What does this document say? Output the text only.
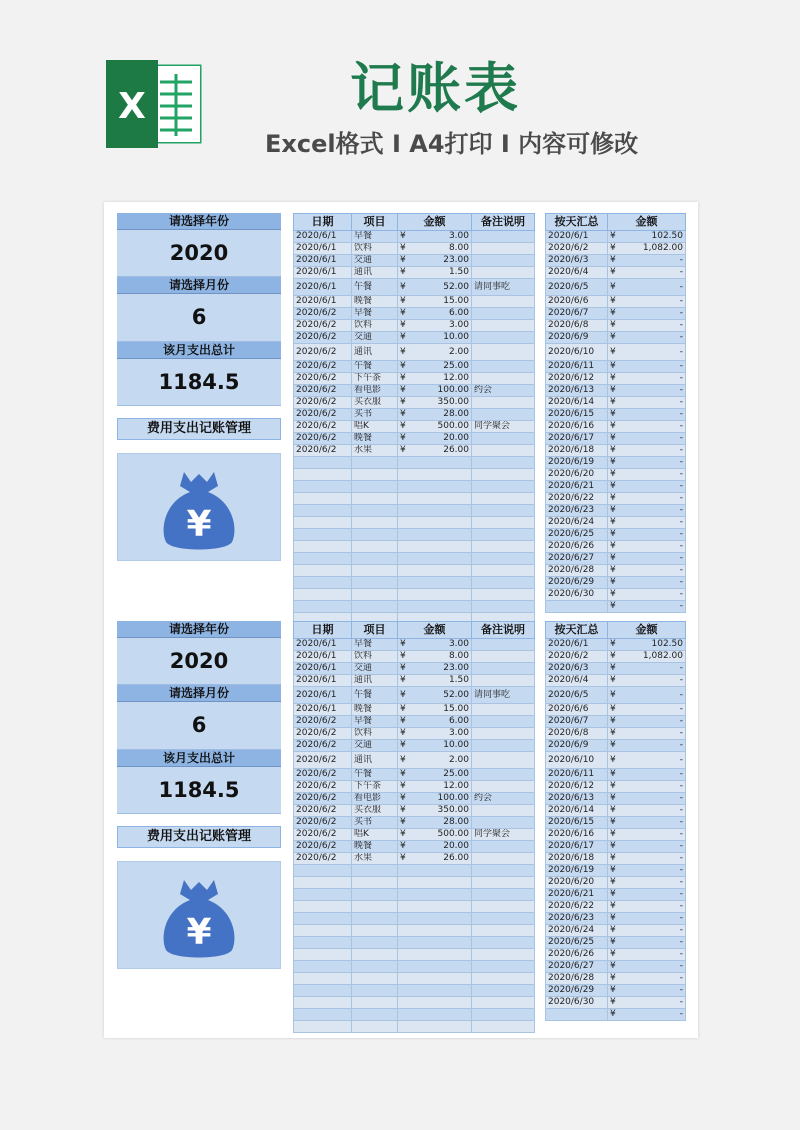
X	记账表
Excel格式 Ⅰ A4打印 Ⅰ 内容可修改
请选择年份
2020
请选择月份
6
该月支出总计
1184.5
费用支出记账管理
¥
日期	项目	金额	备注说明
2020/6/1	早餐	¥ 3.00	
2020/6/1	饮料	¥ 8.00	
2020/6/1	交通	¥ 23.00	
2020/6/1	通讯	¥ 1.50	
2020/6/1	午餐	¥ 52.00	请同事吃
2020/6/1	晚餐	¥ 15.00	
2020/6/2	早餐	¥ 6.00	
2020/6/2	饮料	¥ 3.00	
2020/6/2	交通	¥ 10.00	
2020/6/2	通讯	¥ 2.00	
2020/6/2	午餐	¥ 25.00	
2020/6/2	下午茶	¥ 12.00	
2020/6/2	看电影	¥ 100.00	约会
2020/6/2	买衣服	¥ 350.00	
2020/6/2	买书	¥ 28.00	
2020/6/2	唱K	¥ 500.00	同学聚会
2020/6/2	晚餐	¥ 20.00	
2020/6/2	水果	¥ 26.00	

按天汇总	金额
2020/6/1	¥ 102.50
2020/6/2	¥ 1,082.00
2020/6/3	¥ -
2020/6/4	¥ -
2020/6/5	¥ -
2020/6/6	¥ -
2020/6/7	¥ -
2020/6/8	¥ -
2020/6/9	¥ -
2020/6/10	¥ -
2020/6/11	¥ -
2020/6/12	¥ -
2020/6/13	¥ -
2020/6/14	¥ -
2020/6/15	¥ -
2020/6/16	¥ -
2020/6/17	¥ -
2020/6/18	¥ -
2020/6/19	¥ -
2020/6/20	¥ -
2020/6/21	¥ -
2020/6/22	¥ -
2020/6/23	¥ -
2020/6/24	¥ -
2020/6/25	¥ -
2020/6/26	¥ -
2020/6/27	¥ -
2020/6/28	¥ -
2020/6/29	¥ -
2020/6/30	¥ -

	¥ -
请选择年份
2020
请选择月份
6
该月支出总计
1184.5
费用支出记账管理
¥
日期	项目	金额	备注说明
2020/6/1	早餐	¥ 3.00	
2020/6/1	饮料	¥ 8.00	
2020/6/1	交通	¥ 23.00	
2020/6/1	通讯	¥ 1.50	
2020/6/1	午餐	¥ 52.00	请同事吃
2020/6/1	晚餐	¥ 15.00	
2020/6/2	早餐	¥ 6.00	
2020/6/2	饮料	¥ 3.00	
2020/6/2	交通	¥ 10.00	
2020/6/2	通讯	¥ 2.00	
2020/6/2	午餐	¥ 25.00	
2020/6/2	下午茶	¥ 12.00	
2020/6/2	看电影	¥ 100.00	约会
2020/6/2	买衣服	¥ 350.00	
2020/6/2	买书	¥ 28.00	
2020/6/2	唱K	¥ 500.00	同学聚会
2020/6/2	晚餐	¥ 20.00	
2020/6/2	水果	¥ 26.00	

按天汇总	金额
2020/6/1	¥ 102.50
2020/6/2	¥ 1,082.00
2020/6/3	¥ -
2020/6/4	¥ -
2020/6/5	¥ -
2020/6/6	¥ -
2020/6/7	¥ -
2020/6/8	¥ -
2020/6/9	¥ -
2020/6/10	¥ -
2020/6/11	¥ -
2020/6/12	¥ -
2020/6/13	¥ -
2020/6/14	¥ -
2020/6/15	¥ -
2020/6/16	¥ -
2020/6/17	¥ -
2020/6/18	¥ -
2020/6/19	¥ -
2020/6/20	¥ -
2020/6/21	¥ -
2020/6/22	¥ -
2020/6/23	¥ -
2020/6/24	¥ -
2020/6/25	¥ -
2020/6/26	¥ -
2020/6/27	¥ -
2020/6/28	¥ -
2020/6/29	¥ -
2020/6/30	¥ -

	¥ -
